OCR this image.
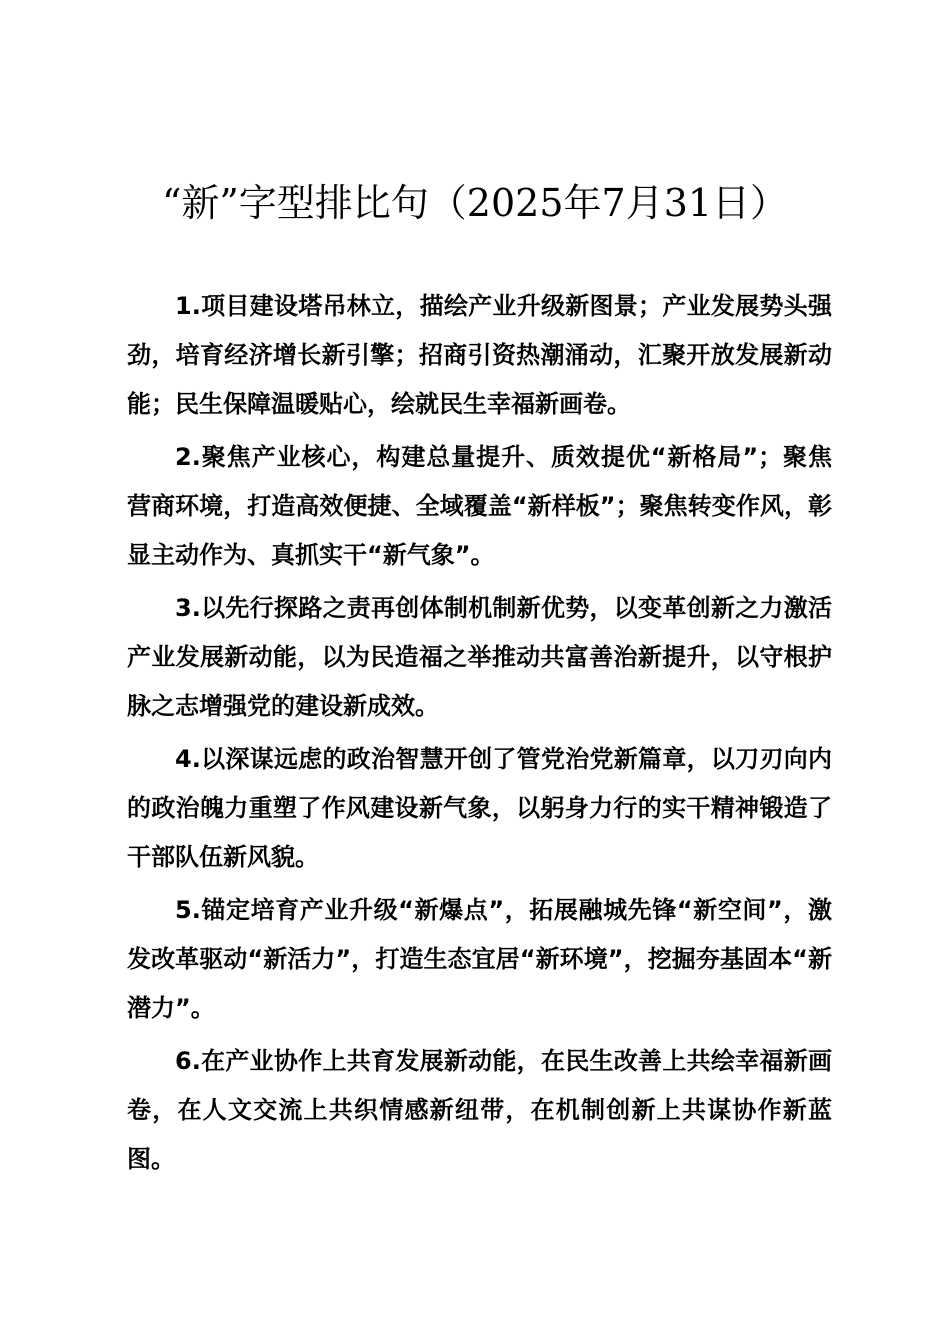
“新”字型排比句（2025年7月31日）

1.项目建设塔吊林立，描绘产业升级新图景；产业发展势头强劲，培育经济增长新引擎；招商引资热潮涌动，汇聚开放发展新动能；民生保障温暖贴心，绘就民生幸福新画卷。

2.聚焦产业核心，构建总量提升、质效提优“新格局”；聚焦营商环境，打造高效便捷、全域覆盖“新样板”；聚焦转变作风，彰显主动作为、真抓实干“新气象”。

3.以先行探路之责再创体制机制新优势，以变革创新之力激活产业发展新动能，以为民造福之举推动共富善治新提升，以守根护脉之志增强党的建设新成效。

4.以深谋远虑的政治智慧开创了管党治党新篇章，以刀刃向内的政治魄力重塑了作风建设新气象，以躬身力行的实干精神锻造了干部队伍新风貌。

5.锚定培育产业升级“新爆点”，拓展融城先锋“新空间”，激发改革驱动“新活力”，打造生态宜居“新环境”，挖掘夯基固本“新潜力”。

6.在产业协作上共育发展新动能，在民生改善上共绘幸福新画卷，在人文交流上共织情感新纽带，在机制创新上共谋协作新蓝图。
